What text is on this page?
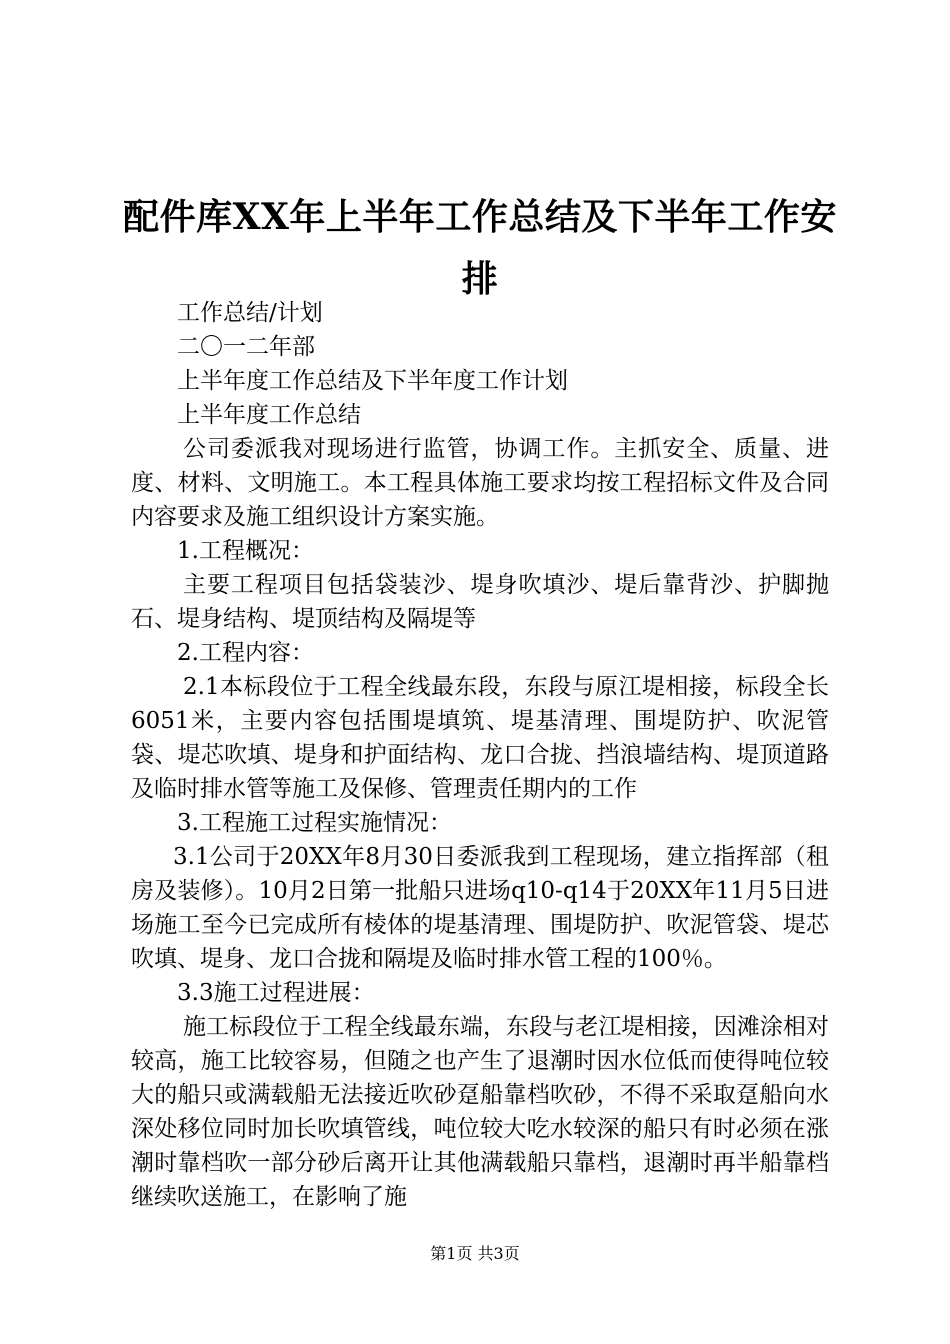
配件库XX年上半年工作总结及下半年工作安排

工作总结/计划

二〇一二年部

上半年度工作总结及下半年度工作计划

上半年度工作总结

公司委派我对现场进行监管，协调工作。主抓安全、质量、进度、材料、文明施工。本工程具体施工要求均按工程招标文件及合同内容要求及施工组织设计方案实施。

1.工程概况：

主要工程项目包括袋装沙、堤身吹填沙、堤后靠背沙、护脚抛石、堤身结构、堤顶结构及隔堤等

2.工程内容：

2.1本标段位于工程全线最东段，东段与原江堤相接，标段全长6051米，主要内容包括围堤填筑、堤基清理、围堤防护、吹泥管袋、堤芯吹填、堤身和护面结构、龙口合拢、挡浪墙结构、堤顶道路及临时排水管等施工及保修、管理责任期内的工作

3.工程施工过程实施情况：

3.1公司于20XX年8月30日委派我到工程现场，建立指挥部（租房及装修）。10月2日第一批船只进场q10-q14于20XX年11月5日进场施工至今已完成所有棱体的堤基清理、围堤防护、吹泥管袋、堤芯吹填、堤身、龙口合拢和隔堤及临时排水管工程的100％。

3.3施工过程进展：

施工标段位于工程全线最东端，东段与老江堤相接，因滩涂相对较高，施工比较容易，但随之也产生了退潮时因水位低而使得吨位较大的船只或满载船无法接近吹砂趸船靠档吹砂，不得不采取趸船向水深处移位同时加长吹填管线，吨位较大吃水较深的船只有时必须在涨潮时靠档吹一部分砂后离开让其他满载船只靠档，退潮时再半船靠档继续吹送施工，在影响了施

第1页 共3页
